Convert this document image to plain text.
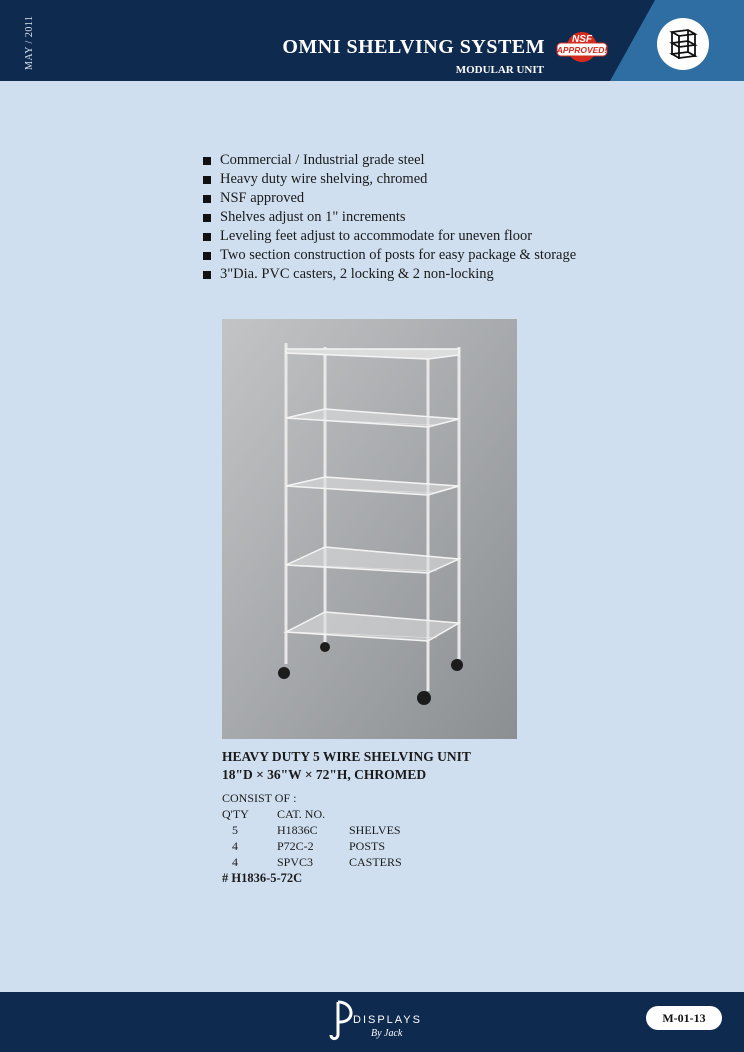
MAY / 2011	OMNI SHELVING SYSTEM
MODULAR UNIT
NSF
APPROVED!
Commercial / Industrial grade steel
Heavy duty wire shelving, chromed
NSF approved
Shelves adjust on 1" increments
Leveling feet adjust to accommodate for uneven floor
Two section construction of posts for easy package & storage
3"Dia. PVC casters, 2 locking & 2 non-locking
HEAVY DUTY 5 WIRE SHELVING UNIT
18"D × 36"W × 72"H, CHROMED
CONSIST OF :
Q'TY CAT. NO.
5	H1836C	SHELVES
4	P72C-2	POSTS
4	SPVC3	CASTERS
# H1836-5-72C
DISPLAYS
By Jack
M-01-13
